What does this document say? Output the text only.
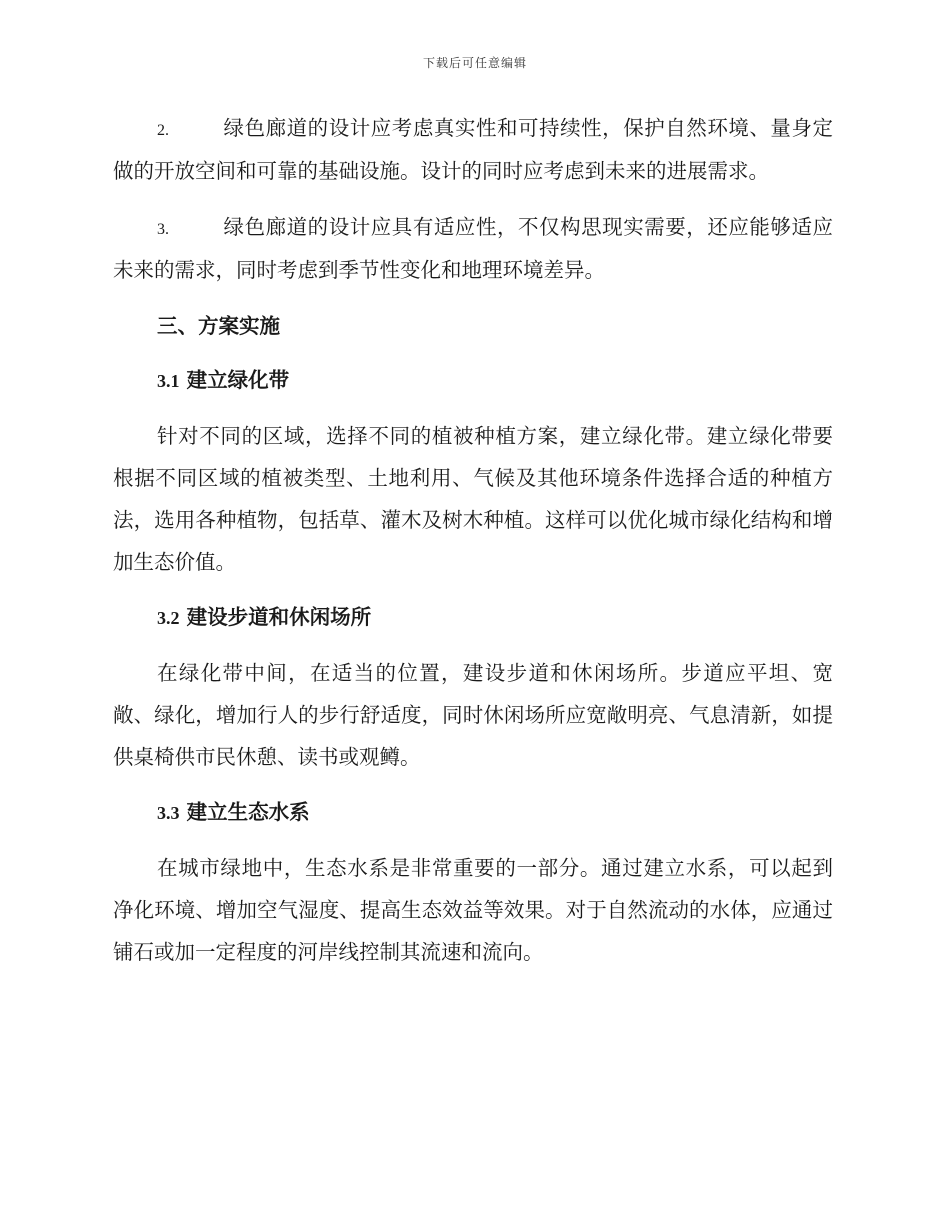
下载后可任意编辑

2.	绿色廊道的设计应考虑真实性和可持续性，保护自然环境、量身定做的开放空间和可靠的基础设施。设计的同时应考虑到未来的进展需求。

3.	绿色廊道的设计应具有适应性，不仅构思现实需要，还应能够适应未来的需求，同时考虑到季节性变化和地理环境差异。

三、方案实施

3.1 建立绿化带

针对不同的区域，选择不同的植被种植方案，建立绿化带。建立绿化带要根据不同区域的植被类型、土地利用、气候及其他环境条件选择合适的种植方法，选用各种植物，包括草、灌木及树木种植。这样可以优化城市绿化结构和增加生态价值。

3.2 建设步道和休闲场所

在绿化带中间，在适当的位置，建设步道和休闲场所。步道应平坦、宽敞、绿化，增加行人的步行舒适度，同时休闲场所应宽敞明亮、气息清新，如提供桌椅供市民休憩、读书或观鳟。

3.3 建立生态水系

在城市绿地中，生态水系是非常重要的一部分。通过建立水系，可以起到净化环境、增加空气湿度、提高生态效益等效果。对于自然流动的水体，应通过铺石或加一定程度的河岸线控制其流速和流向。
